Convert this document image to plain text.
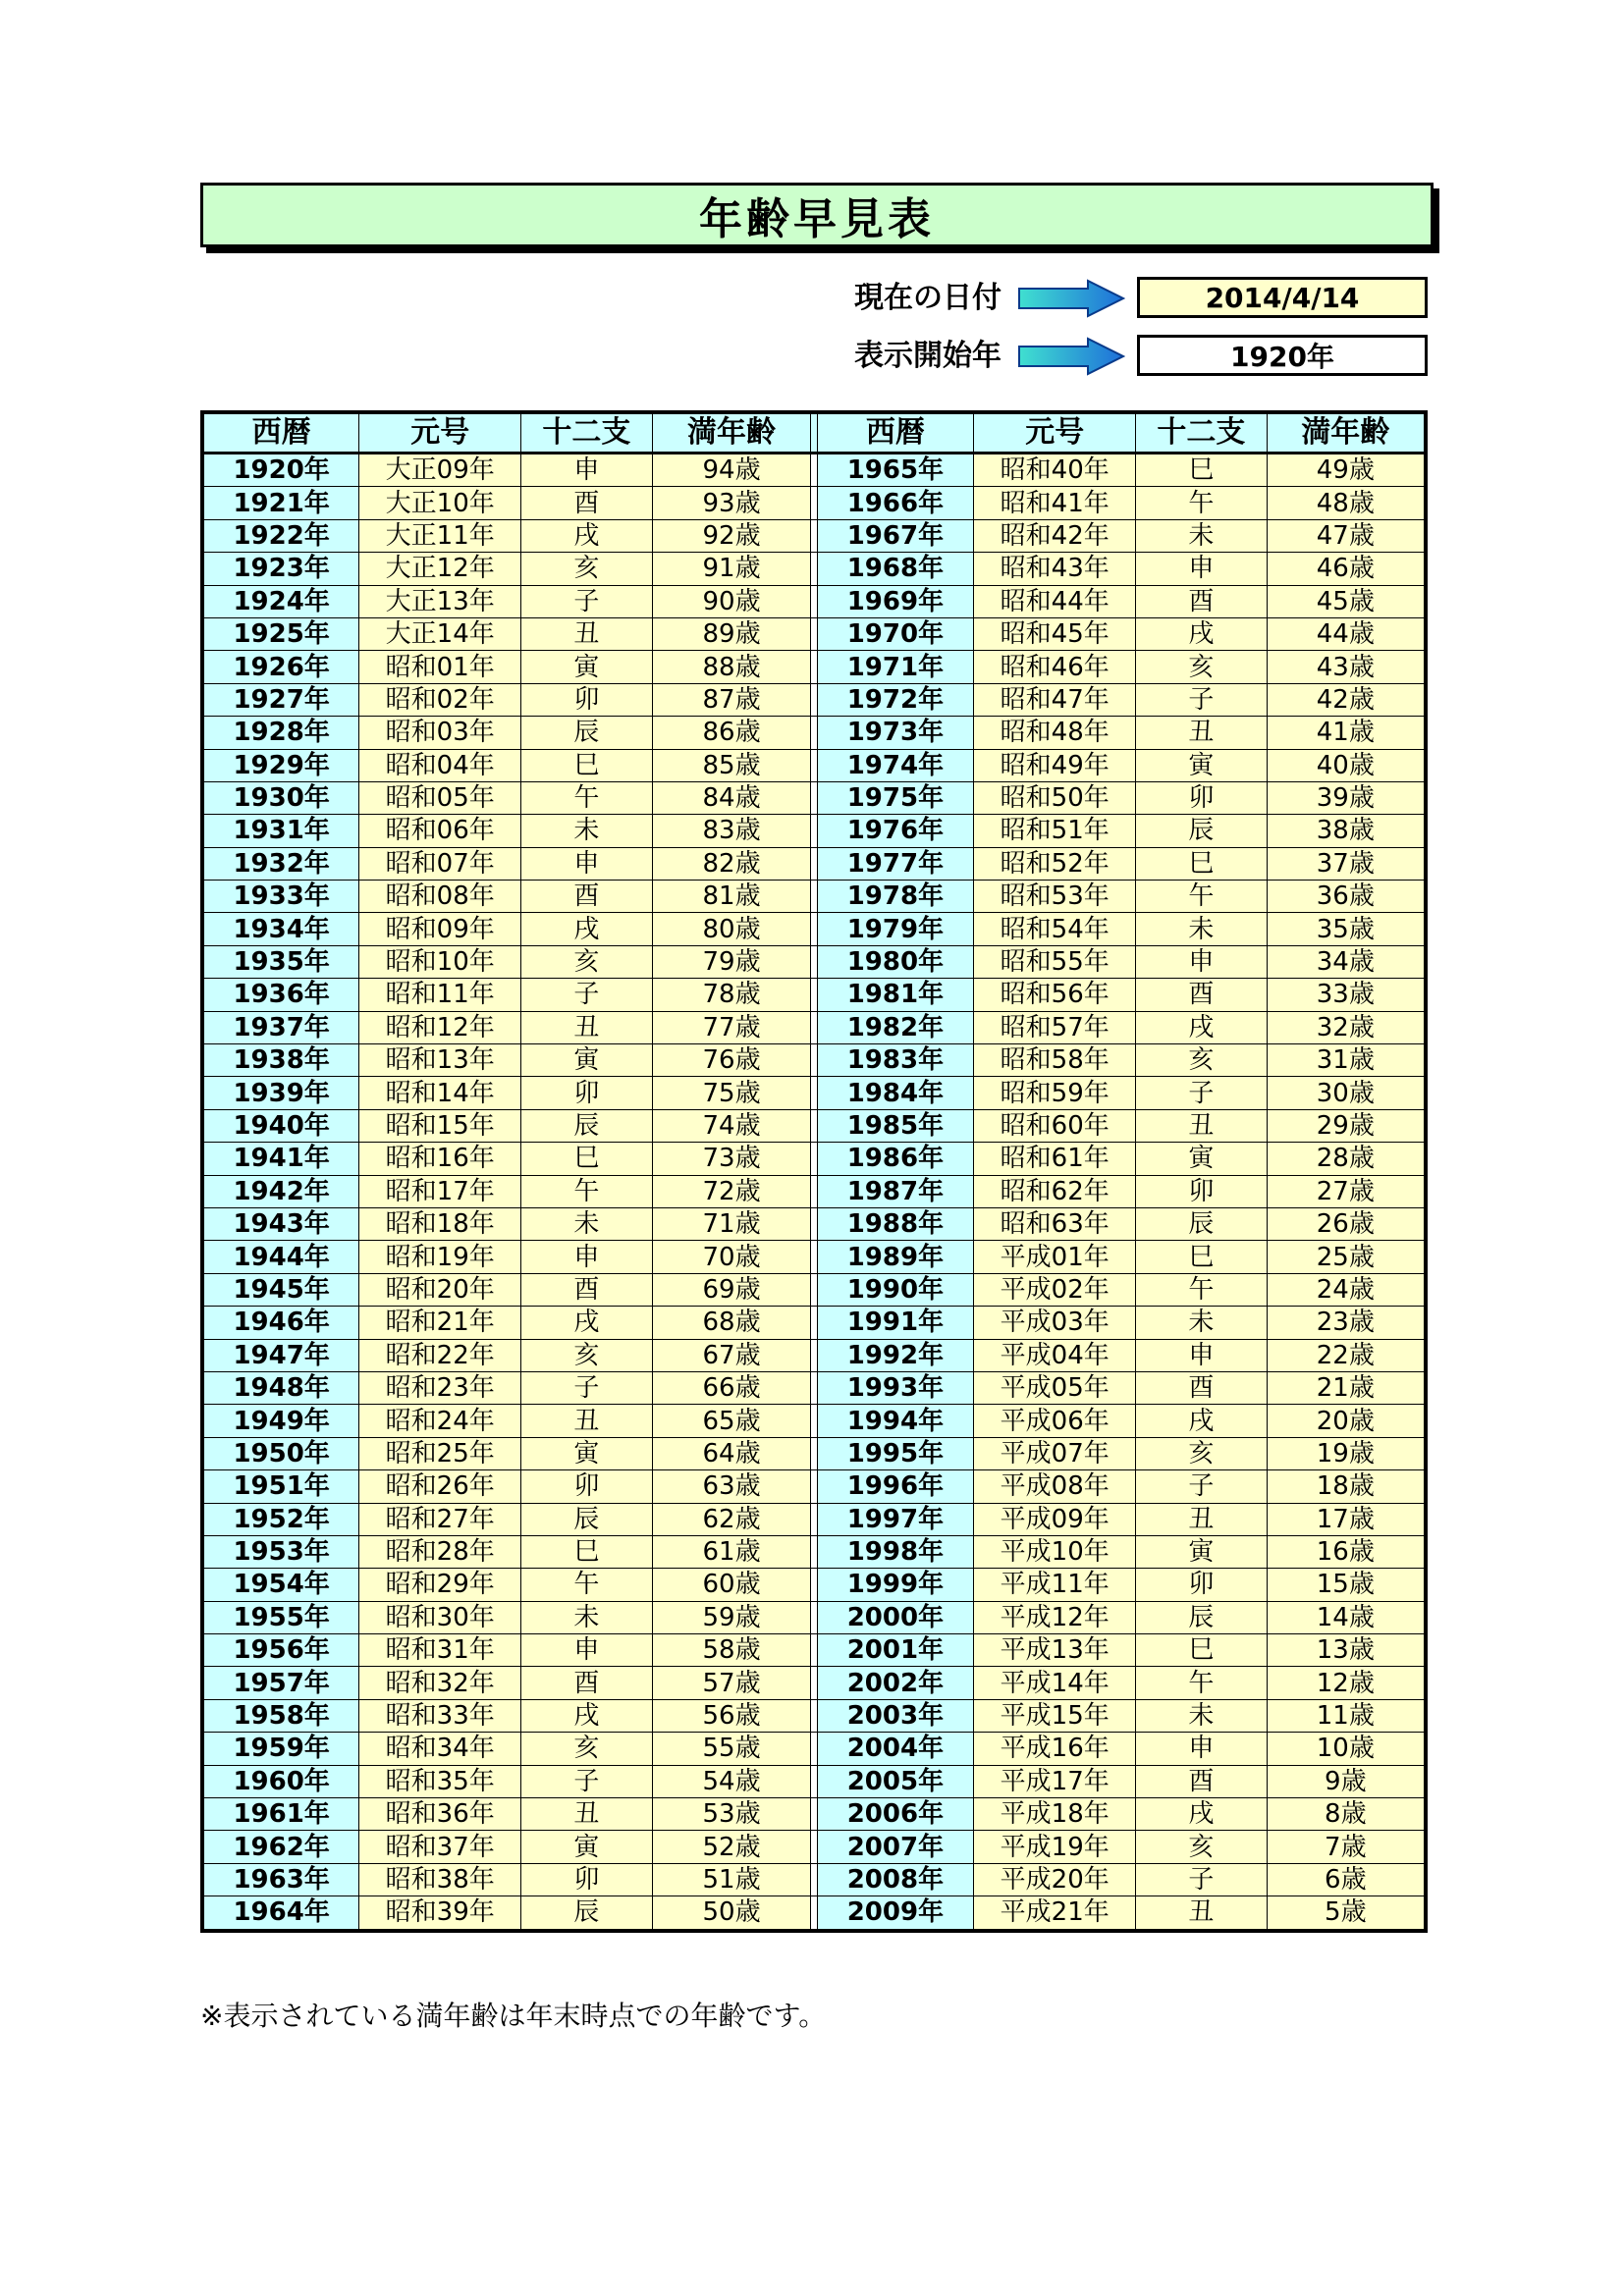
年齢早見表
現在の日付	2014/4/14
表示開始年	1920年
西暦	元号	十二支	満年齢		西暦	元号	十二支	満年齢
1920年	大正09年	申	94歳		1965年	昭和40年	巳	49歳
1921年	大正10年	酉	93歳		1966年	昭和41年	午	48歳
1922年	大正11年	戌	92歳		1967年	昭和42年	未	47歳
1923年	大正12年	亥	91歳		1968年	昭和43年	申	46歳
1924年	大正13年	子	90歳		1969年	昭和44年	酉	45歳
1925年	大正14年	丑	89歳		1970年	昭和45年	戌	44歳
1926年	昭和01年	寅	88歳		1971年	昭和46年	亥	43歳
1927年	昭和02年	卯	87歳		1972年	昭和47年	子	42歳
1928年	昭和03年	辰	86歳		1973年	昭和48年	丑	41歳
1929年	昭和04年	巳	85歳		1974年	昭和49年	寅	40歳
1930年	昭和05年	午	84歳		1975年	昭和50年	卯	39歳
1931年	昭和06年	未	83歳		1976年	昭和51年	辰	38歳
1932年	昭和07年	申	82歳		1977年	昭和52年	巳	37歳
1933年	昭和08年	酉	81歳		1978年	昭和53年	午	36歳
1934年	昭和09年	戌	80歳		1979年	昭和54年	未	35歳
1935年	昭和10年	亥	79歳		1980年	昭和55年	申	34歳
1936年	昭和11年	子	78歳		1981年	昭和56年	酉	33歳
1937年	昭和12年	丑	77歳		1982年	昭和57年	戌	32歳
1938年	昭和13年	寅	76歳		1983年	昭和58年	亥	31歳
1939年	昭和14年	卯	75歳		1984年	昭和59年	子	30歳
1940年	昭和15年	辰	74歳		1985年	昭和60年	丑	29歳
1941年	昭和16年	巳	73歳		1986年	昭和61年	寅	28歳
1942年	昭和17年	午	72歳		1987年	昭和62年	卯	27歳
1943年	昭和18年	未	71歳		1988年	昭和63年	辰	26歳
1944年	昭和19年	申	70歳		1989年	平成01年	巳	25歳
1945年	昭和20年	酉	69歳		1990年	平成02年	午	24歳
1946年	昭和21年	戌	68歳		1991年	平成03年	未	23歳
1947年	昭和22年	亥	67歳		1992年	平成04年	申	22歳
1948年	昭和23年	子	66歳		1993年	平成05年	酉	21歳
1949年	昭和24年	丑	65歳		1994年	平成06年	戌	20歳
1950年	昭和25年	寅	64歳		1995年	平成07年	亥	19歳
1951年	昭和26年	卯	63歳		1996年	平成08年	子	18歳
1952年	昭和27年	辰	62歳		1997年	平成09年	丑	17歳
1953年	昭和28年	巳	61歳		1998年	平成10年	寅	16歳
1954年	昭和29年	午	60歳		1999年	平成11年	卯	15歳
1955年	昭和30年	未	59歳		2000年	平成12年	辰	14歳
1956年	昭和31年	申	58歳		2001年	平成13年	巳	13歳
1957年	昭和32年	酉	57歳		2002年	平成14年	午	12歳
1958年	昭和33年	戌	56歳		2003年	平成15年	未	11歳
1959年	昭和34年	亥	55歳		2004年	平成16年	申	10歳
1960年	昭和35年	子	54歳		2005年	平成17年	酉	9歳
1961年	昭和36年	丑	53歳		2006年	平成18年	戌	8歳
1962年	昭和37年	寅	52歳		2007年	平成19年	亥	7歳
1963年	昭和38年	卯	51歳		2008年	平成20年	子	6歳
1964年	昭和39年	辰	50歳		2009年	平成21年	丑	5歳
※表示されている満年齢は年末時点での年齢です。
